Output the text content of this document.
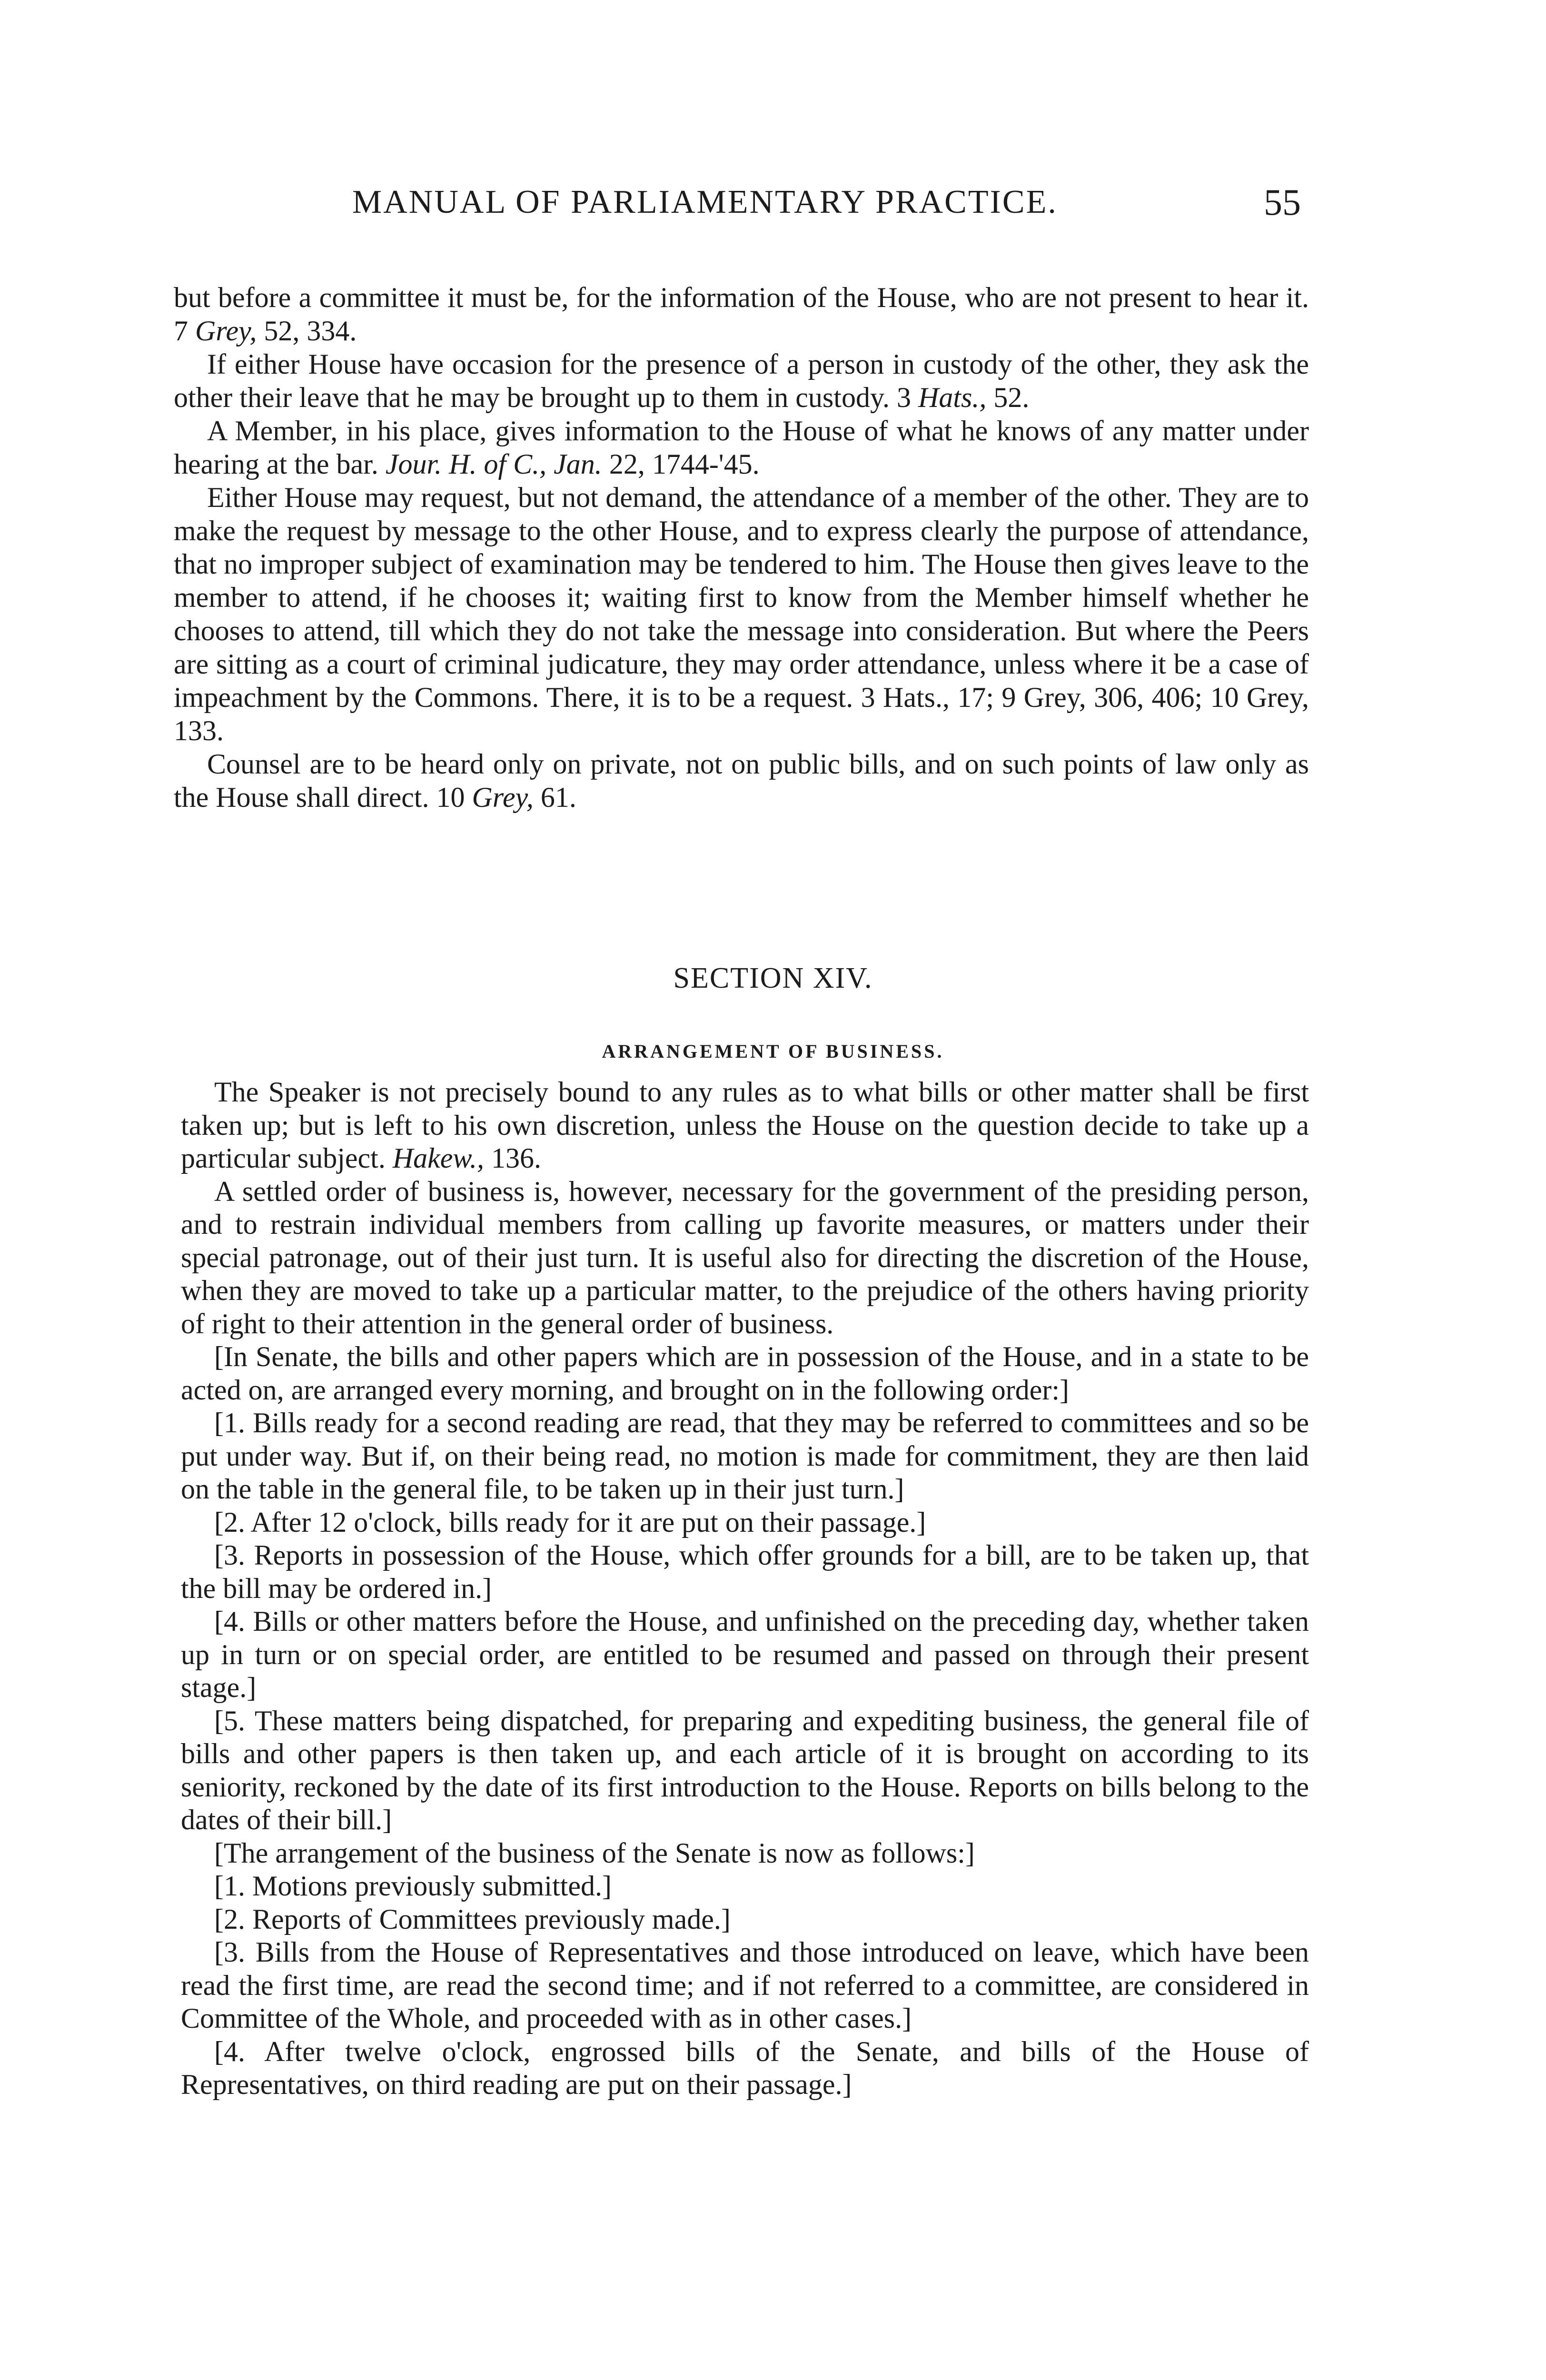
MANUAL OF PARLIAMENTARY PRACTICE.	55

but before a committee it must be, for the information of the House, who are not present to hear it. 7 Grey, 52, 334.

If either House have occasion for the presence of a person in custody of the other, they ask the other their leave that he may be brought up to them in custody. 3 Hats., 52.

A Member, in his place, gives information to the House of what he knows of any matter under hearing at the bar. Jour. H. of C., Jan. 22, 1744-'45.

Either House may request, but not demand, the attendance of a member of the other. They are to make the request by message to the other House, and to express clearly the purpose of attendance, that no improper subject of examination may be tendered to him. The House then gives leave to the member to attend, if he chooses it; waiting first to know from the Member himself whether he chooses to attend, till which they do not take the message into consideration. But where the Peers are sitting as a court of criminal judicature, they may order attendance, unless where it be a case of impeachment by the Commons. There, it is to be a request. 3 Hats., 17; 9 Grey, 306, 406; 10 Grey, 133.

Counsel are to be heard only on private, not on public bills, and on such points of law only as the House shall direct. 10 Grey, 61.

SECTION XIV.
ARRANGEMENT OF BUSINESS.

The Speaker is not precisely bound to any rules as to what bills or other matter shall be first taken up; but is left to his own discretion, unless the House on the question decide to take up a particular subject. Hakew., 136.

A settled order of business is, however, necessary for the government of the presiding person, and to restrain individual members from calling up favorite measures, or matters under their special patronage, out of their just turn. It is useful also for directing the discretion of the House, when they are moved to take up a particular matter, to the prejudice of the others having priority of right to their attention in the general order of business.

[In Senate, the bills and other papers which are in possession of the House, and in a state to be acted on, are arranged every morning, and brought on in the following order:]

[1. Bills ready for a second reading are read, that they may be referred to committees and so be put under way. But if, on their being read, no motion is made for commitment, they are then laid on the table in the general file, to be taken up in their just turn.]

[2. After 12 o'clock, bills ready for it are put on their passage.]

[3. Reports in possession of the House, which offer grounds for a bill, are to be taken up, that the bill may be ordered in.]

[4. Bills or other matters before the House, and unfinished on the preceding day, whether taken up in turn or on special order, are entitled to be resumed and passed on through their present stage.]

[5. These matters being dispatched, for preparing and expediting business, the general file of bills and other papers is then taken up, and each article of it is brought on according to its seniority, reckoned by the date of its first introduction to the House. Reports on bills belong to the dates of their bill.]

[The arrangement of the business of the Senate is now as follows:]

[1. Motions previously submitted.]

[2. Reports of Committees previously made.]

[3. Bills from the House of Representatives and those introduced on leave, which have been read the first time, are read the second time; and if not referred to a committee, are considered in Committee of the Whole, and proceeded with as in other cases.]

[4. After twelve o'clock, engrossed bills of the Senate, and bills of the House of Representatives, on third reading are put on their passage.]
